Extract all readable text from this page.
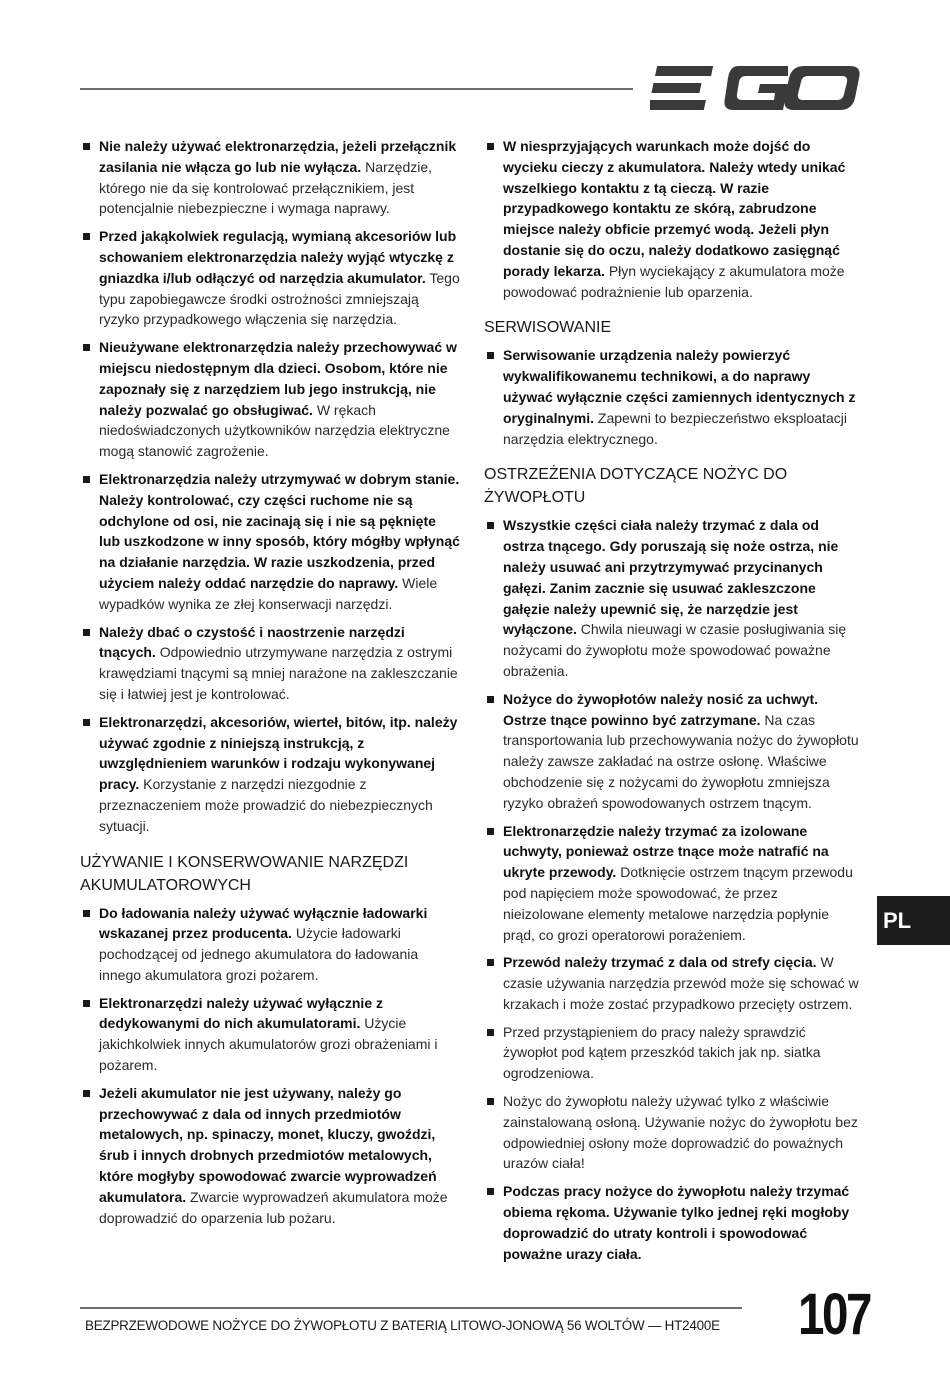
Nie należy używać elektronarzędzia, jeżeli przełącznik zasilania nie włącza go lub nie wyłącza. Narzędzie, którego nie da się kontrolować przełącznikiem, jest potencjalnie niebezpieczne i wymaga naprawy.
Przed jakąkolwiek regulacją, wymianą akcesoriów lub schowaniem elektronarzędzia należy wyjąć wtyczkę z gniazdka i/lub odłączyć od narzędzia akumulator. Tego typu zapobiegawcze środki ostrożności zmniejszają ryzyko przypadkowego włączenia się narzędzia.
Nieużywane elektronarzędzia należy przechowywać w miejscu niedostępnym dla dzieci. Osobom, które nie zapoznały się z narzędziem lub jego instrukcją, nie należy pozwalać go obsługiwać. W rękach niedoświadczonych użytkowników narzędzia elektryczne mogą stanowić zagrożenie.
Elektronarzędzia należy utrzymywać w dobrym stanie. Należy kontrolować, czy części ruchome nie są odchylone od osi, nie zacinają się i nie są pęknięte lub uszkodzone w inny sposób, który mógłby wpłynąć na działanie narzędzia. W razie uszkodzenia, przed użyciem należy oddać narzędzie do naprawy. Wiele wypadków wynika ze złej konserwacji narzędzi.
Należy dbać o czystość i naostrzenie narzędzi tnących. Odpowiednio utrzymywane narzędzia z ostrymi krawędziami tnącymi są mniej narażone na zakleszczanie się i łatwiej jest je kontrolować.
Elektronarzędzi, akcesoriów, wierteł, bitów, itp. należy używać zgodnie z niniejszą instrukcją, z uwzględnieniem warunków i rodzaju wykonywanej pracy. Korzystanie z narzędzi niezgodnie z przeznaczeniem może prowadzić do niebezpiecznych sytuacji.
UŻYWANIE I KONSERWOWANIE NARZĘDZI AKUMULATOROWYCH
Do ładowania należy używać wyłącznie ładowarki wskazanej przez producenta. Użycie ładowarki pochodzącej od jednego akumulatora do ładowania innego akumulatora grozi pożarem.
Elektronarzędzi należy używać wyłącznie z dedykowanymi do nich akumulatorami. Użycie jakichkolwiek innych akumulatorów grozi obrażeniami i pożarem.
Jeżeli akumulator nie jest używany, należy go przechowywać z dala od innych przedmiotów metalowych, np. spinaczy, monet, kluczy, gwoździ, śrub i innych drobnych przedmiotów metalowych, które mogłyby spowodować zwarcie wyprowadzeń akumulatora. Zwarcie wyprowadzeń akumulatora może doprowadzić do oparzenia lub pożaru.
W niesprzyjających warunkach może dojść do wycieku cieczy z akumulatora. Należy wtedy unikać wszelkiego kontaktu z tą cieczą. W razie przypadkowego kontaktu ze skórą, zabrudzone miejsce należy obficie przemyć wodą. Jeżeli płyn dostanie się do oczu, należy dodatkowo zasięgnąć porady lekarza. Płyn wyciekający z akumulatora może powodować podrażnienie lub oparzenia.
SERWISOWANIE
Serwisowanie urządzenia należy powierzyć wykwalifikowanemu technikowi, a do naprawy używać wyłącznie części zamiennych identycznych z oryginalnymi. Zapewni to bezpieczeństwo eksploatacji narzędzia elektrycznego.
OSTRZEŻENIA DOTYCZĄCE NOŻYC DO ŻYWOPŁOTU
Wszystkie części ciała należy trzymać z dala od ostrza tnącego. Gdy poruszają się noże ostrza, nie należy usuwać ani przytrzymywać przycinanych gałęzi. Zanim zacznie się usuwać zakleszczone gałęzie należy upewnić się, że narzędzie jest wyłączone. Chwila nieuwagi w czasie posługiwania się nożycami do żywopłotu może spowodować poważne obrażenia.
Nożyce do żywopłotów należy nosić za uchwyt. Ostrze tnące powinno być zatrzymane. Na czas transportowania lub przechowywania nożyc do żywopłotu należy zawsze zakładać na ostrze osłonę. Właściwe obchodzenie się z nożycami do żywopłotu zmniejsza ryzyko obrażeń spowodowanych ostrzem tnącym.
Elektronarzędzie należy trzymać za izolowane uchwyty, ponieważ ostrze tnące może natrafić na ukryte przewody. Dotknięcie ostrzem tnącym przewodu pod napięciem może spowodować, że przez nieizolowane elementy metalowe narzędzia popłynie prąd, co grozi operatorowi porażeniem.
Przewód należy trzymać z dala od strefy cięcia. W czasie używania narzędzia przewód może się schować w krzakach i może zostać przypadkowo przecięty ostrzem.
Przed przystąpieniem do pracy należy sprawdzić żywopłot pod kątem przeszkód takich jak np. siatka ogrodzeniowa.
Nożyc do żywopłotu należy używać tylko z właściwie zainstalowaną osłoną. Używanie nożyc do żywopłotu bez odpowiedniej osłony może doprowadzić do poważnych urazów ciała!
Podczas pracy nożyce do żywopłotu należy trzymać obiema rękoma. Używanie tylko jednej ręki mogłoby doprowadzić do utraty kontroli i spowodować poważne urazy ciała.
PL
BEZPRZEWODOWE NOŻYCE DO ŻYWOPŁOTU Z BATERIĄ LITOWO-JONOWĄ 56 WOLTÓW — HT2400E 107
